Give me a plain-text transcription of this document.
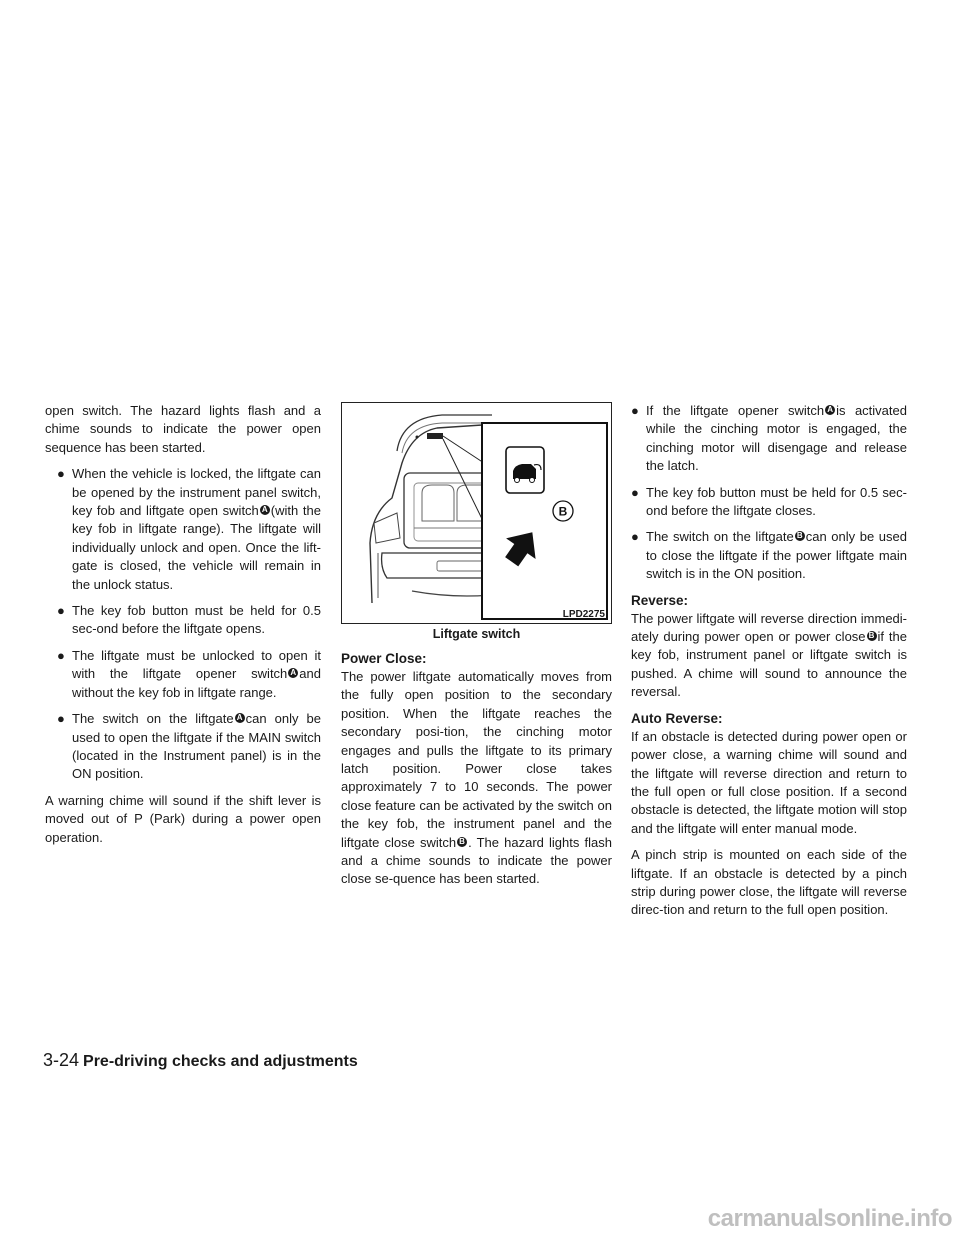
open switch. The hazard lights flash and a chime sounds to indicate the power open sequence has been started.

● When the vehicle is locked, the liftgate can be opened by the instrument panel switch, key fob and liftgate open switch A (with the key fob in liftgate range). The liftgate will individually unlock and open. Once the lift-gate is closed, the vehicle will remain in the unlock status.
● The key fob button must be held for 0.5 sec-ond before the liftgate opens.
● The liftgate must be unlocked to open it with the liftgate opener switch A and without the key fob in liftgate range.
● The switch on the liftgate A can only be used to open the liftgate if the MAIN switch (located in the Instrument panel) is in the ON position.

A warning chime will sound if the shift lever is moved out of P (Park) during a power open operation.

B
LPD2275
Liftgate switch
Power Close:

The power liftgate automatically moves from the fully open position to the secondary position. When the liftgate reaches the secondary posi-tion, the cinching motor engages and pulls the liftgate to its primary latch position. Power close takes approximately 7 to 10 seconds. The power close feature can be activated by the switch on the key fob, the instrument panel and the liftgate close switch B . The hazard lights flash and a chime sounds to indicate the power close se-quence has been started.

● If the liftgate opener switch A is activated while the cinching motor is engaged, the cinching motor will disengage and release the latch.
● The key fob button must be held for 0.5 sec-ond before the liftgate closes.
● The switch on the liftgate B can only be used to close the liftgate if the power liftgate main switch is in the ON position.
Reverse:

The power liftgate will reverse direction immedi-ately during power open or power close B if the key fob, instrument panel or liftgate switch is pushed. A chime will sound to announce the reversal.

Auto Reverse:

If an obstacle is detected during power open or power close, a warning chime will sound and the liftgate will reverse direction and return to the full open or full close position. If a second obstacle is detected, the liftgate motion will stop and the liftgate will enter manual mode.

A pinch strip is mounted on each side of the liftgate. If an obstacle is detected by a pinch strip during power close, the liftgate will reverse direc-tion and return to the full open position.

3-24 Pre-driving checks and adjustments
carmanualsonline.info
